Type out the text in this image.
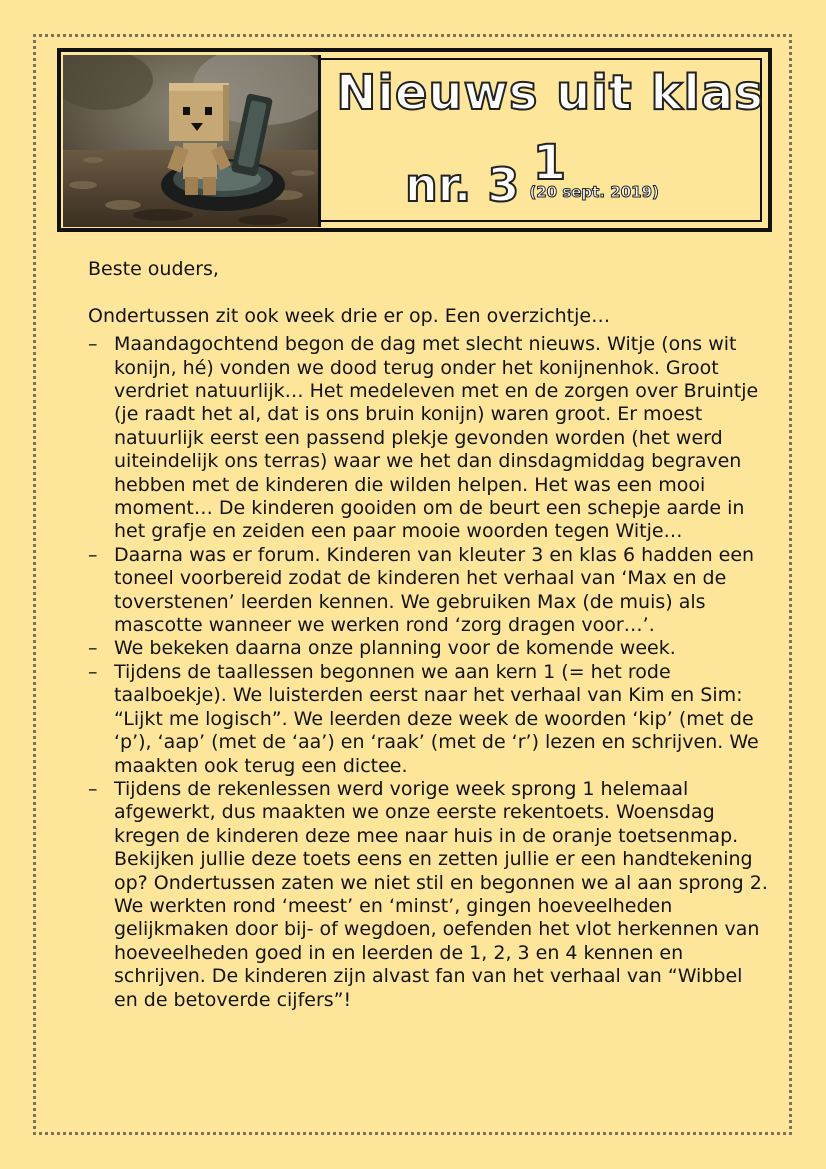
Nieuws uit klas 1
nr. 3 (20 sept. 2019)

Beste ouders,

Ondertussen zit ook week drie er op. Een overzichtje…

– Maandagochtend begon de dag met slecht nieuws. Witje (ons wit konijn, hé) vonden we dood terug onder het konijnenhok. Groot verdriet natuurlijk… Het medeleven met en de zorgen over Bruintje (je raadt het al, dat is ons bruin konijn) waren groot. Er moest natuurlijk eerst een passend plekje gevonden worden (het werd uiteindelijk ons terras) waar we het dan dinsdagmiddag begraven hebben met de kinderen die wilden helpen. Het was een mooi moment… De kinderen gooiden om de beurt een schepje aarde in het grafje en zeiden een paar mooie woorden tegen Witje…
– Daarna was er forum. Kinderen van kleuter 3 en klas 6 hadden een toneel voorbereid zodat de kinderen het verhaal van ‘Max en de toverstenen’ leerden kennen. We gebruiken Max (de muis) als mascotte wanneer we werken rond ‘zorg dragen voor…’.
– We bekeken daarna onze planning voor de komende week.
– Tijdens de taallessen begonnen we aan kern 1 (= het rode taalboekje). We luisterden eerst naar het verhaal van Kim en Sim: “Lijkt me logisch”. We leerden deze week de woorden ‘kip’ (met de ‘p’), ‘aap’ (met de ‘aa’) en ‘raak’ (met de ‘r’) lezen en schrijven. We maakten ook terug een dictee.
– Tijdens de rekenlessen werd vorige week sprong 1 helemaal afgewerkt, dus maakten we onze eerste rekentoets. Woensdag kregen de kinderen deze mee naar huis in de oranje toetsenmap. Bekijken jullie deze toets eens en zetten jullie er een handtekening op? Ondertussen zaten we niet stil en begonnen we al aan sprong 2. We werkten rond ‘meest’ en ‘minst’, gingen hoeveelheden gelijkmaken door bij- of wegdoen, oefenden het vlot herkennen van hoeveelheden goed in en leerden de 1, 2, 3 en 4 kennen en schrijven. De kinderen zijn alvast fan van het verhaal van “Wibbel en de betoverde cijfers”!
